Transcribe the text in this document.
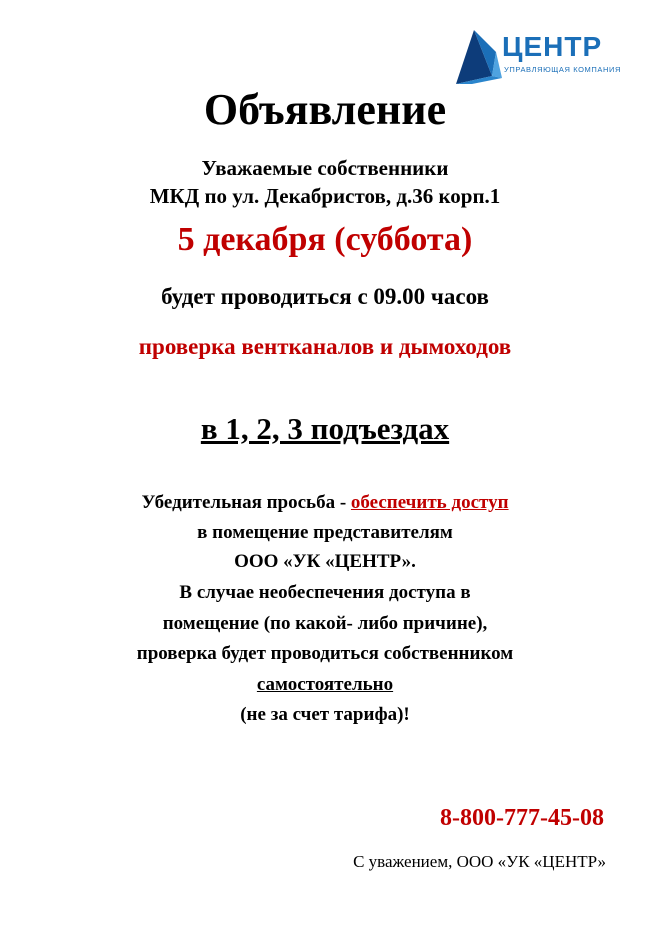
ЦЕНТР
УПРАВЛЯЮЩАЯ КОМПАНИЯ
Объявление
Уважаемые собственники
МКД по ул. Декабристов, д.36 корп.1
5 декабря (суббота)
будет проводиться с 09.00 часов
проверка вентканалов и дымоходов
в 1, 2, 3 подъездах
Убедительная просьба - обеспечить доступ
в помещение представителям
ООО «УК «ЦЕНТР».
В случае необеспечения доступа в
помещение (по какой- либо причине),
проверка будет проводиться собственником
самостоятельно
(не за счет тарифа)!
8-800-777-45-08
С уважением, ООО «УК «ЦЕНТР»
